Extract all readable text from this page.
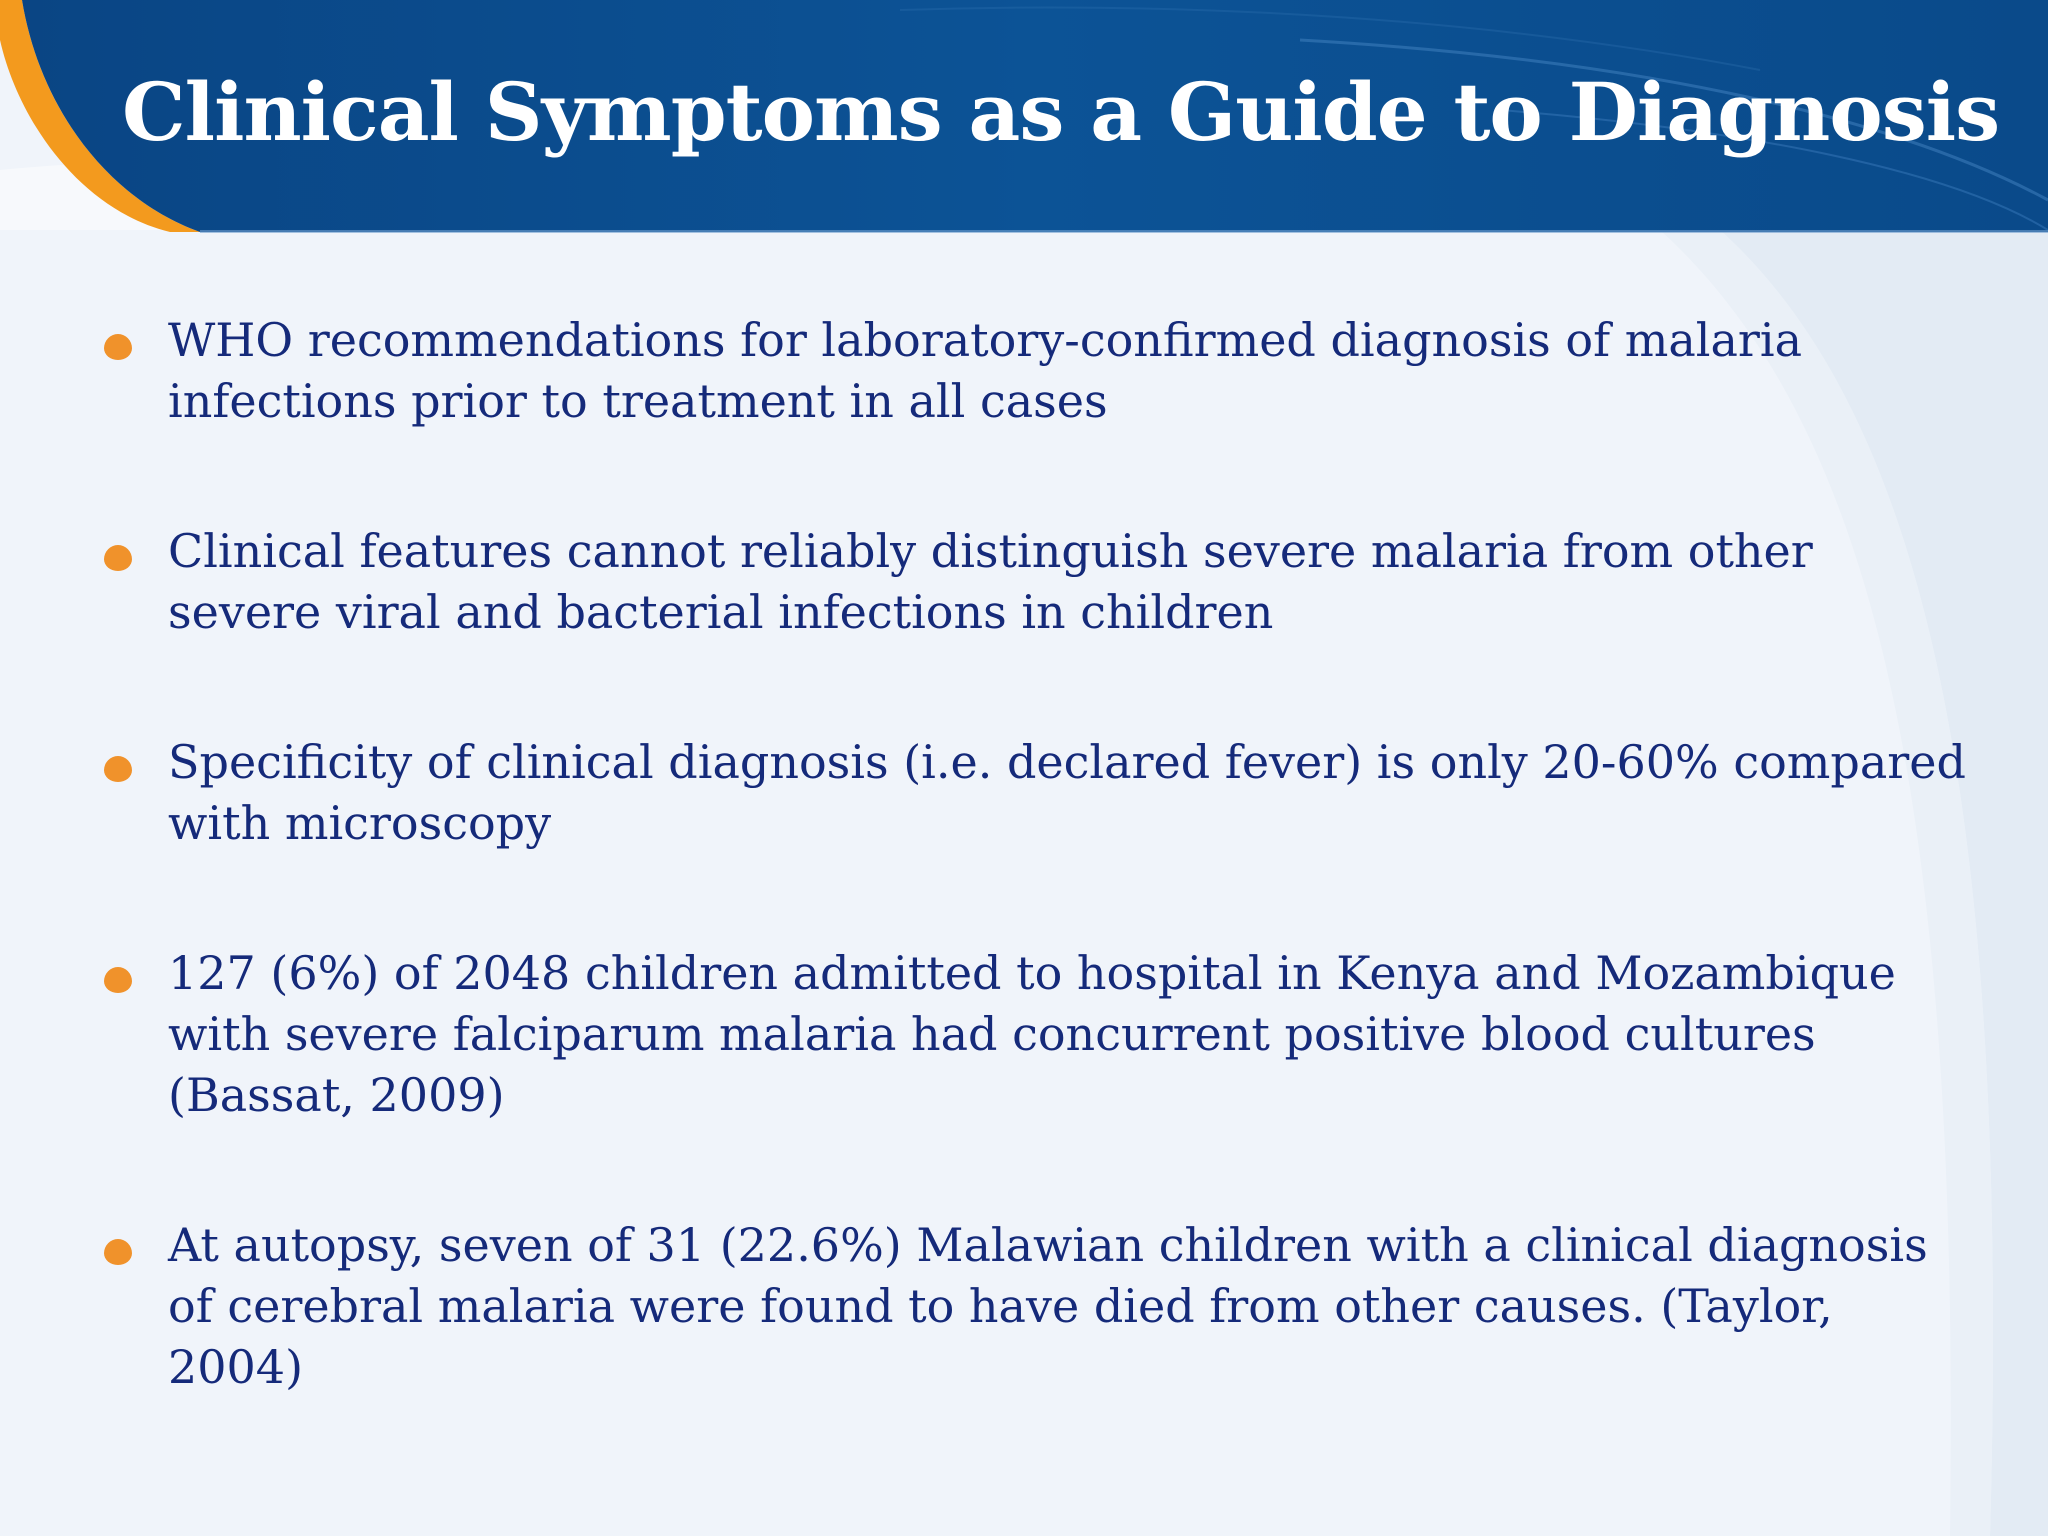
Clinical Symptoms as a Guide to Diagnosis
WHO recommendations for laboratory-confirmed diagnosis of malaria infections prior to treatment in all cases
Clinical features cannot reliably distinguish severe malaria from other severe viral and bacterial infections in children
Specificity of clinical diagnosis (i.e. declared fever) is only 20-60% compared with microscopy
127 (6%) of 2048 children admitted to hospital in Kenya and Mozambique with severe falciparum malaria had concurrent positive blood cultures (Bassat, 2009)
At autopsy, seven of 31 (22.6%) Malawian children with a clinical diagnosis of cerebral malaria were found to have died from other causes. (Taylor, 2004)
